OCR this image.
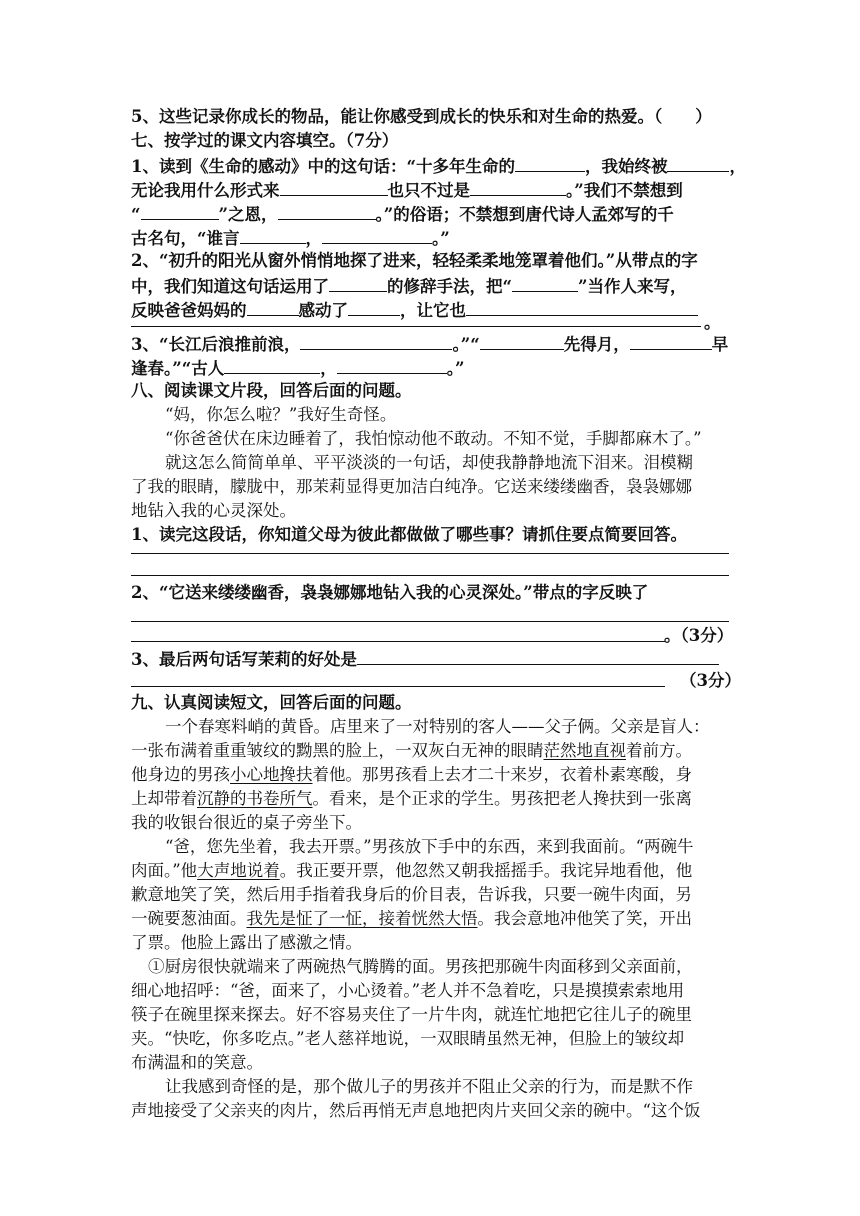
5、这些记录你成长的物品，能让你感受到成长的快乐和对生命的热爱。（　　）
七、按学过的课文内容填空。（7分）
1、读到《生命的感动》中的这句话：“十多年生命的	，我始终被	，
无论我用什么形式来	也只不过是	。”我们不禁想到
“	”之恩，	。”的俗语；不禁想到唐代诗人孟郊写的千
古名句，“谁言	，	。”
2、“初升的阳光从窗外悄悄地探了进来，轻轻柔柔地笼罩着他们。”从带点的字
中，我们知道这句话运用了	的修辞手法，把“	”当作人来写，
反映爸爸妈妈的	感动了	，让它也
。
3、“长江后浪推前浪，	。”“	先得月，	早
逢春。”“古人	，	。”
八、阅读课文片段，回答后面的问题。
“妈，你怎么啦？”我好生奇怪。
“你爸爸伏在床边睡着了，我怕惊动他不敢动。不知不觉，手脚都麻木了。”
就这怎么简简单单、平平淡淡的一句话，却使我静静地流下泪来。泪模糊
了我的眼睛，朦胧中，那茉莉显得更加洁白纯净。它送来缕缕幽香，袅袅娜娜
地钻入我的心灵深处。
1、读完这段话，你知道父母为彼此都做做了哪些事？请抓住要点简要回答。
2、“它送来缕缕幽香，袅袅娜娜地钻入我的心灵深处。”带点的字反映了
。（3分）
3、最后两句话写茉莉的好处是
（3分）
九、认真阅读短文，回答后面的问题。
一个春寒料峭的黄昏。店里来了一对特别的客人——父子俩。父亲是盲人：
一张布满着重重皱纹的黝黑的脸上，一双灰白无神的眼睛茫然地直视着前方。
他身边的男孩小心地搀扶着他。那男孩看上去才二十来岁，衣着朴素寒酸，身
上却带着沉静的书卷所气。看来，是个正求的学生。男孩把老人搀扶到一张离
我的收银台很近的桌子旁坐下。
“爸，您先坐着，我去开票。”男孩放下手中的东西，来到我面前。“两碗牛
肉面。”他大声地说着。我正要开票，他忽然又朝我摇摇手。我诧异地看他，他
歉意地笑了笑，然后用手指着我身后的价目表，告诉我，只要一碗牛肉面，另
一碗要葱油面。我先是怔了一怔，接着恍然大悟。我会意地冲他笑了笑，开出
了票。他脸上露出了感激之情。
①厨房很快就端来了两碗热气腾腾的面。男孩把那碗牛肉面移到父亲面前，
细心地招呼：“爸，面来了，小心烫着。”老人并不急着吃，只是摸摸索索地用
筷子在碗里探来探去。好不容易夹住了一片牛肉，就连忙地把它往儿子的碗里
夹。“快吃，你多吃点。”老人慈祥地说，一双眼睛虽然无神，但脸上的皱纹却
布满温和的笑意。
让我感到奇怪的是，那个做儿子的男孩并不阻止父亲的行为，而是默不作
声地接受了父亲夹的肉片，然后再悄无声息地把肉片夹回父亲的碗中。“这个饭
